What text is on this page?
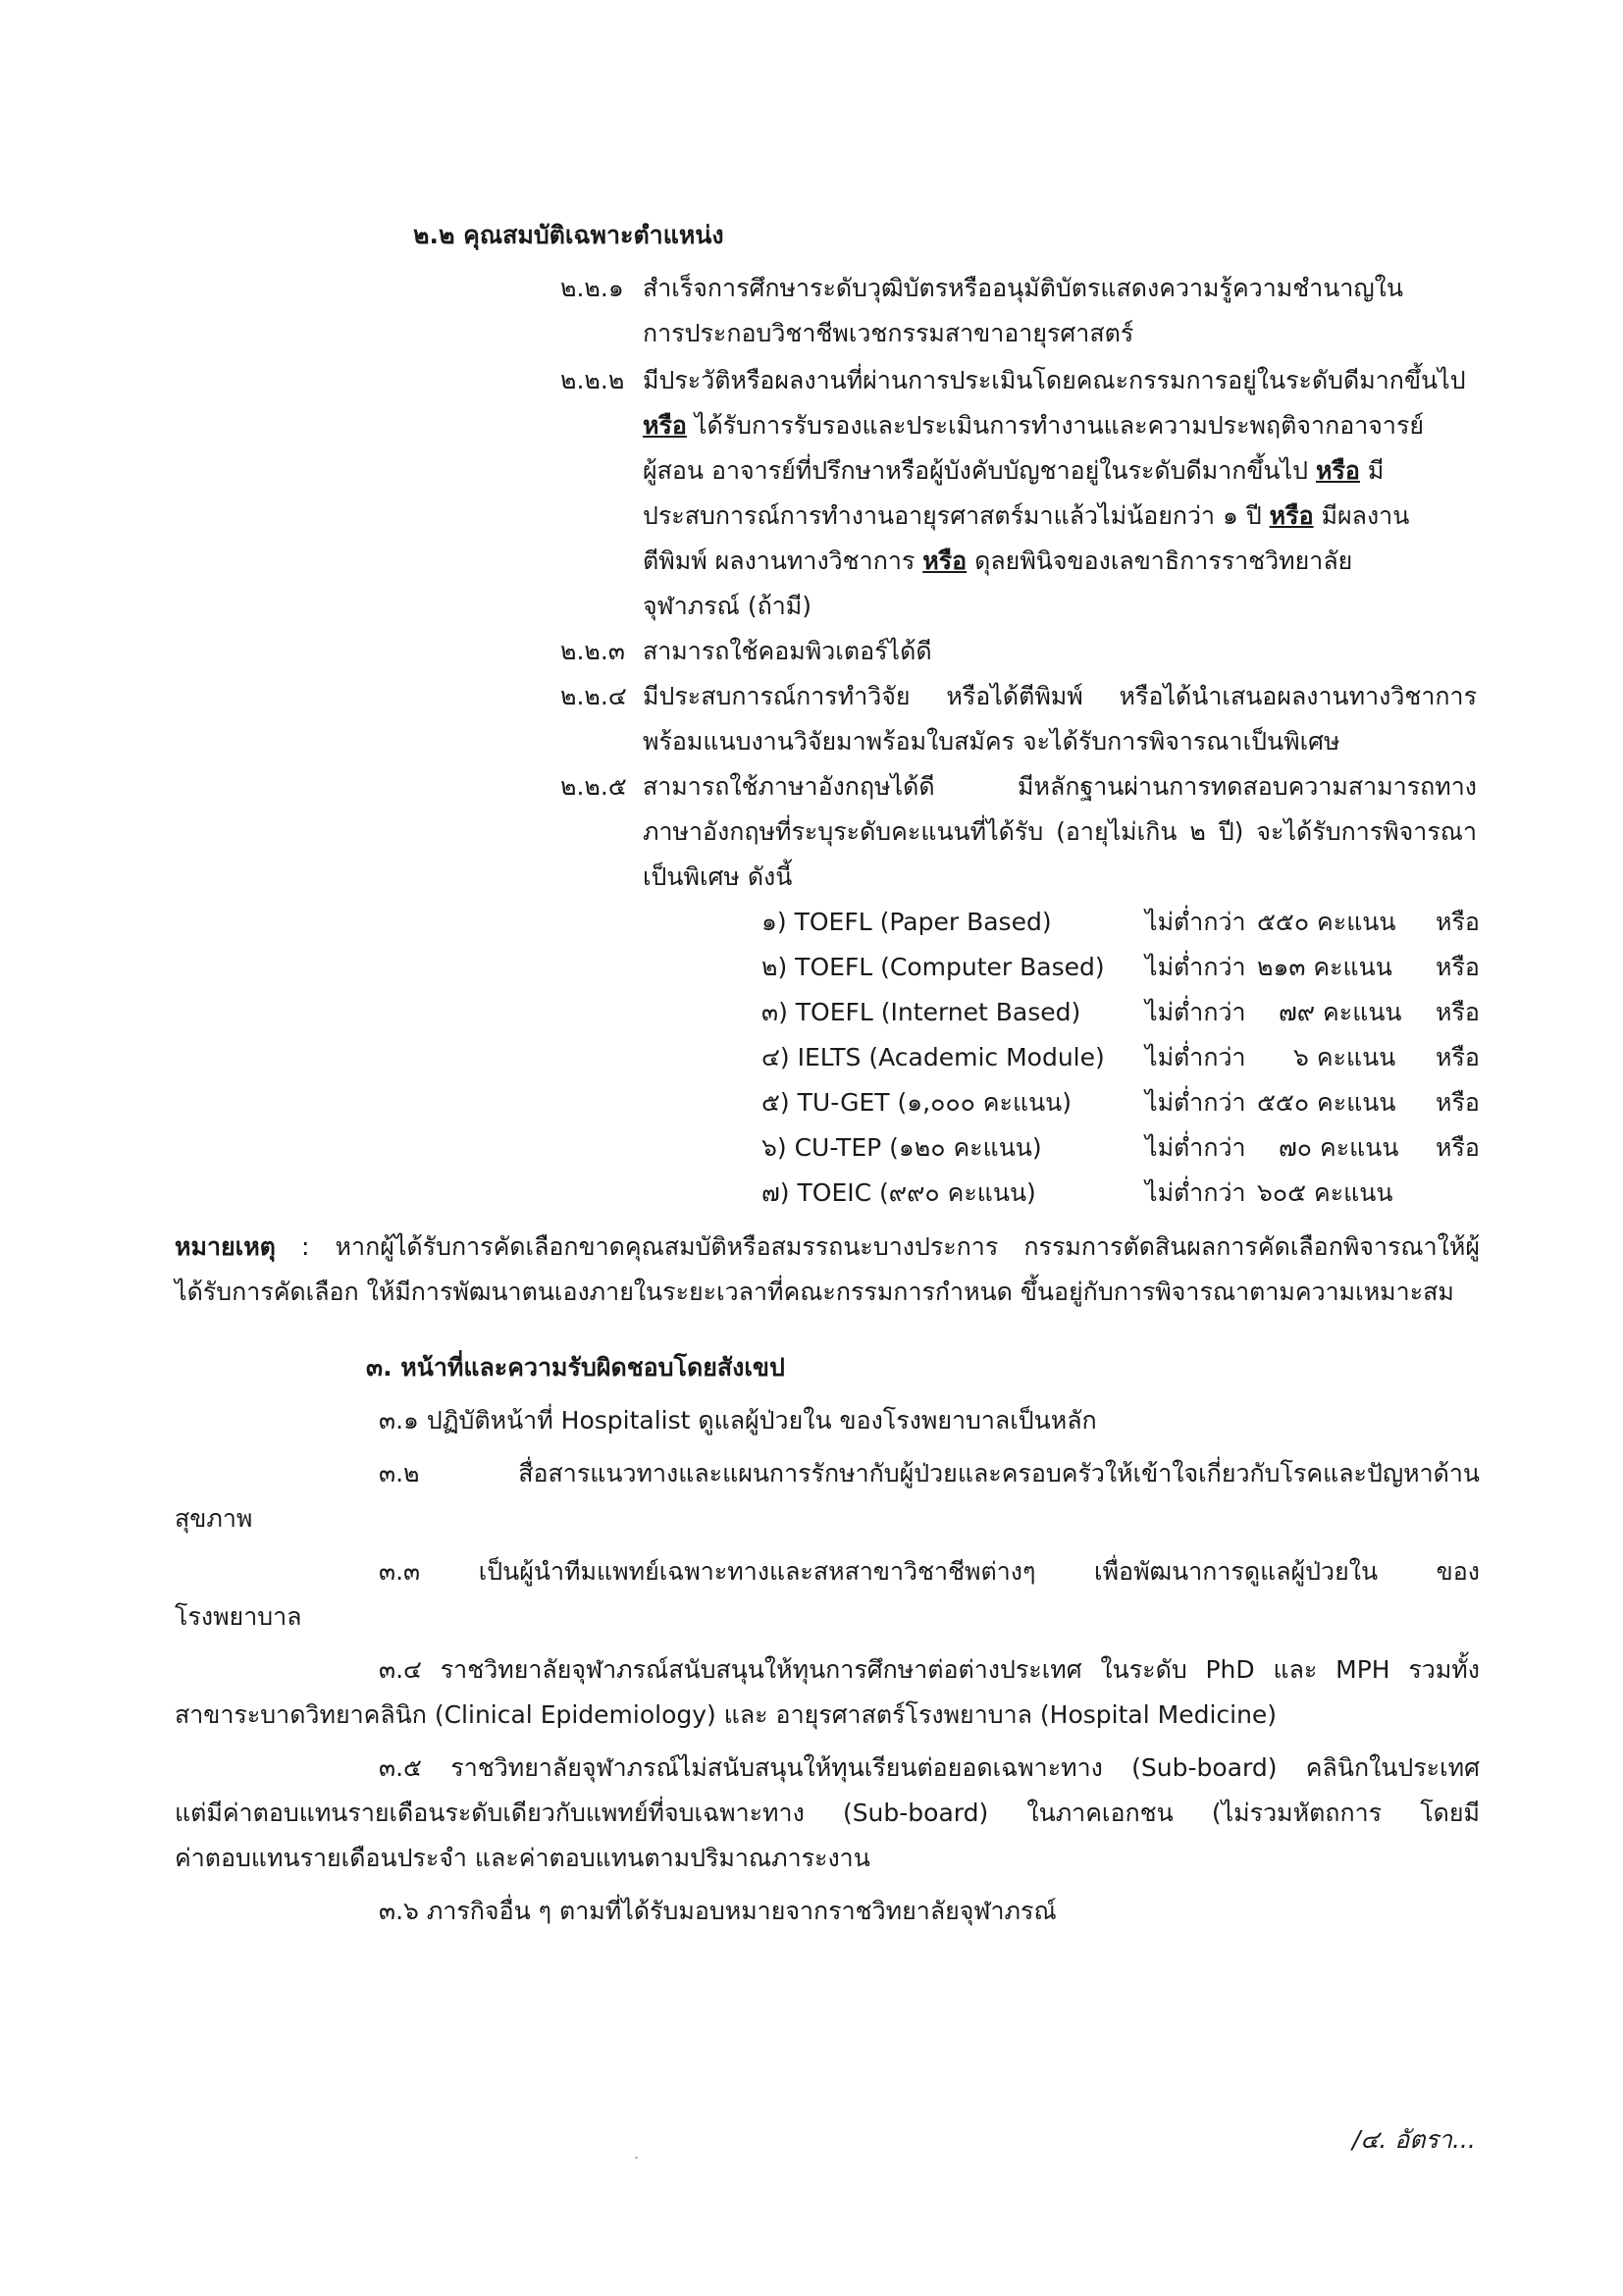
๒.๒ คุณสมบัติเฉพาะตำแหน่ง
๒.๒.๑ สำเร็จการศึกษาระดับวุฒิบัตรหรืออนุมัติบัตรแสดงความรู้ความชำนาญใน
การประกอบวิชาชีพเวชกรรมสาขาอายุรศาสตร์
๒.๒.๒ มีประวัติหรือผลงานที่ผ่านการประเมินโดยคณะกรรมการอยู่ในระดับดีมากขึ้นไป
หรือ ได้รับการรับรองและประเมินการทำงานและความประพฤติจากอาจารย์
ผู้สอน อาจารย์ที่ปรึกษาหรือผู้บังคับบัญชาอยู่ในระดับดีมากขึ้นไป หรือ มี
ประสบการณ์การทำงานอายุรศาสตร์มาแล้วไม่น้อยกว่า ๑ ปี หรือ มีผลงาน
ตีพิมพ์ ผลงานทางวิชาการ หรือ ดุลยพินิจของเลขาธิการราชวิทยาลัย
จุฬาภรณ์ (ถ้ามี)
๒.๒.๓ สามารถใช้คอมพิวเตอร์ได้ดี
๒.๒.๔ มีประสบการณ์การทำวิจัย หรือได้ตีพิมพ์ หรือได้นำเสนอผลงานทางวิชาการ
พร้อมแนบงานวิจัยมาพร้อมใบสมัคร จะได้รับการพิจารณาเป็นพิเศษ
๒.๒.๕ สามารถใช้ภาษาอังกฤษได้ดี มีหลักฐานผ่านการทดสอบความสามารถทาง
ภาษาอังกฤษที่ระบุระดับคะแนนที่ได้รับ (อายุไม่เกิน ๒ ปี) จะได้รับการพิจารณา
เป็นพิเศษ ดังนี้
๑) TOEFL (Paper Based)	ไม่ต่ำกว่า ๕๕๐ คะแนน หรือ
๒) TOEFL (Computer Based) ไม่ต่ำกว่า ๒๑๓ คะแนน หรือ
๓) TOEFL (Internet Based)	ไม่ต่ำกว่า ๗๙ คะแนน หรือ
๔) IELTS (Academic Module) ไม่ต่ำกว่า ๖ คะแนน หรือ
๕) TU-GET (๑,๐๐๐ คะแนน)	ไม่ต่ำกว่า ๕๕๐ คะแนน หรือ
๖) CU-TEP (๑๒๐ คะแนน)	ไม่ต่ำกว่า ๗๐ คะแนน หรือ
๗) TOEIC (๙๙๐ คะแนน)	ไม่ต่ำกว่า ๖๐๕ คะแนน
หมายเหตุ : หากผู้ได้รับการคัดเลือกขาดคุณสมบัติหรือสมรรถนะบางประการ กรรมการตัดสินผลการคัดเลือกพิจารณาให้ผู้
ได้รับการคัดเลือก ให้มีการพัฒนาตนเองภายในระยะเวลาที่คณะกรรมการกำหนด ขึ้นอยู่กับการพิจารณาตามความเหมาะสม
๓. หน้าที่และความรับผิดชอบโดยสังเขป
๓.๑ ปฏิบัติหน้าที่ Hospitalist ดูแลผู้ป่วยใน ของโรงพยาบาลเป็นหลัก
๓.๒ สื่อสารแนวทางและแผนการรักษากับผู้ป่วยและครอบครัวให้เข้าใจเกี่ยวกับโรคและปัญหาด้าน
สุขภาพ
๓.๓ เป็นผู้นำทีมแพทย์เฉพาะทางและสหสาขาวิชาชีพต่างๆ เพื่อพัฒนาการดูแลผู้ป่วยใน ของ
โรงพยาบาล
๓.๔ ราชวิทยาลัยจุฬาภรณ์สนับสนุนให้ทุนการศึกษาต่อต่างประเทศ ในระดับ PhD และ MPH รวมทั้ง
สาขาระบาดวิทยาคลินิก (Clinical Epidemiology) และ อายุรศาสตร์โรงพยาบาล (Hospital Medicine)
๓.๕ ราชวิทยาลัยจุฬาภรณ์ไม่สนับสนุนให้ทุนเรียนต่อยอดเฉพาะทาง (Sub-board) คลินิกในประเทศ
แต่มีค่าตอบแทนรายเดือนระดับเดียวกับแพทย์ที่จบเฉพาะทาง (Sub-board) ในภาคเอกชน (ไม่รวมหัตถการ โดยมี
ค่าตอบแทนรายเดือนประจำ และค่าตอบแทนตามปริมาณภาระงาน
๓.๖ ภารกิจอื่น ๆ ตามที่ได้รับมอบหมายจากราชวิทยาลัยจุฬาภรณ์
/๔. อัตรา...
